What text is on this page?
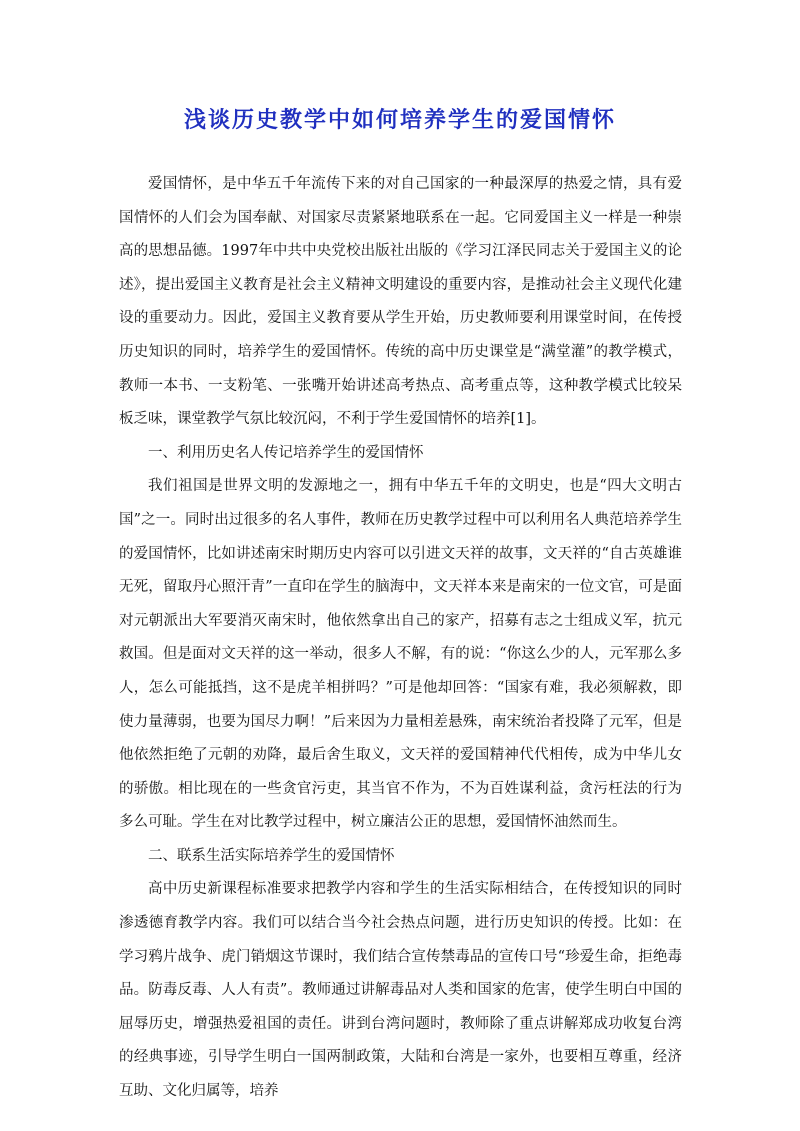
浅谈历史教学中如何培养学生的爱国情怀

爱国情怀，是中华五千年流传下来的对自己国家的一种最深厚的热爱之情，具有爱国情怀的人们会为国奉献、对国家尽责紧紧地联系在一起。它同爱国主义一样是一种崇高的思想品德。1997年中共中央党校出版社出版的《学习江泽民同志关于爱国主义的论述》，提出爱国主义教育是社会主义精神文明建设的重要内容，是推动社会主义现代化建设的重要动力。因此，爱国主义教育要从学生开始，历史教师要利用课堂时间，在传授历史知识的同时，培养学生的爱国情怀。传统的高中历史课堂是“满堂灌”的教学模式，教师一本书、一支粉笔、一张嘴开始讲述高考热点、高考重点等，这种教学模式比较呆板乏味，课堂教学气氛比较沉闷，不利于学生爱国情怀的培养[1]。

一、利用历史名人传记培养学生的爱国情怀

我们祖国是世界文明的发源地之一，拥有中华五千年的文明史，也是“四大文明古国”之一。同时出过很多的名人事件，教师在历史教学过程中可以利用名人典范培养学生的爱国情怀，比如讲述南宋时期历史内容可以引进文天祥的故事，文天祥的“自古英雄谁无死，留取丹心照汗青”一直印在学生的脑海中，文天祥本来是南宋的一位文官，可是面对元朝派出大军要消灭南宋时，他依然拿出自己的家产，招募有志之士组成义军，抗元救国。但是面对文天祥的这一举动，很多人不解，有的说：“你这么少的人，元军那么多人，怎么可能抵挡，这不是虎羊相拼吗？”可是他却回答：“国家有难，我必须解救，即使力量薄弱，也要为国尽力啊！”后来因为力量相差悬殊，南宋统治者投降了元军，但是他依然拒绝了元朝的劝降，最后舍生取义，文天祥的爱国精神代代相传，成为中华儿女的骄傲。相比现在的一些贪官污吏，其当官不作为，不为百姓谋利益，贪污枉法的行为多么可耻。学生在对比教学过程中，树立廉洁公正的思想，爱国情怀油然而生。

二、联系生活实际培养学生的爱国情怀

高中历史新课程标准要求把教学内容和学生的生活实际相结合，在传授知识的同时渗透德育教学内容。我们可以结合当今社会热点问题，进行历史知识的传授。比如：在学习鸦片战争、虎门销烟这节课时，我们结合宣传禁毒品的宣传口号“珍爱生命，拒绝毒品。防毒反毒、人人有责”。教师通过讲解毒品对人类和国家的危害，使学生明白中国的屈辱历史，增强热爱祖国的责任。讲到台湾问题时，教师除了重点讲解郑成功收复台湾的经典事迹，引导学生明白一国两制政策，大陆和台湾是一家外，也要相互尊重，经济互助、文化归属等，培养
